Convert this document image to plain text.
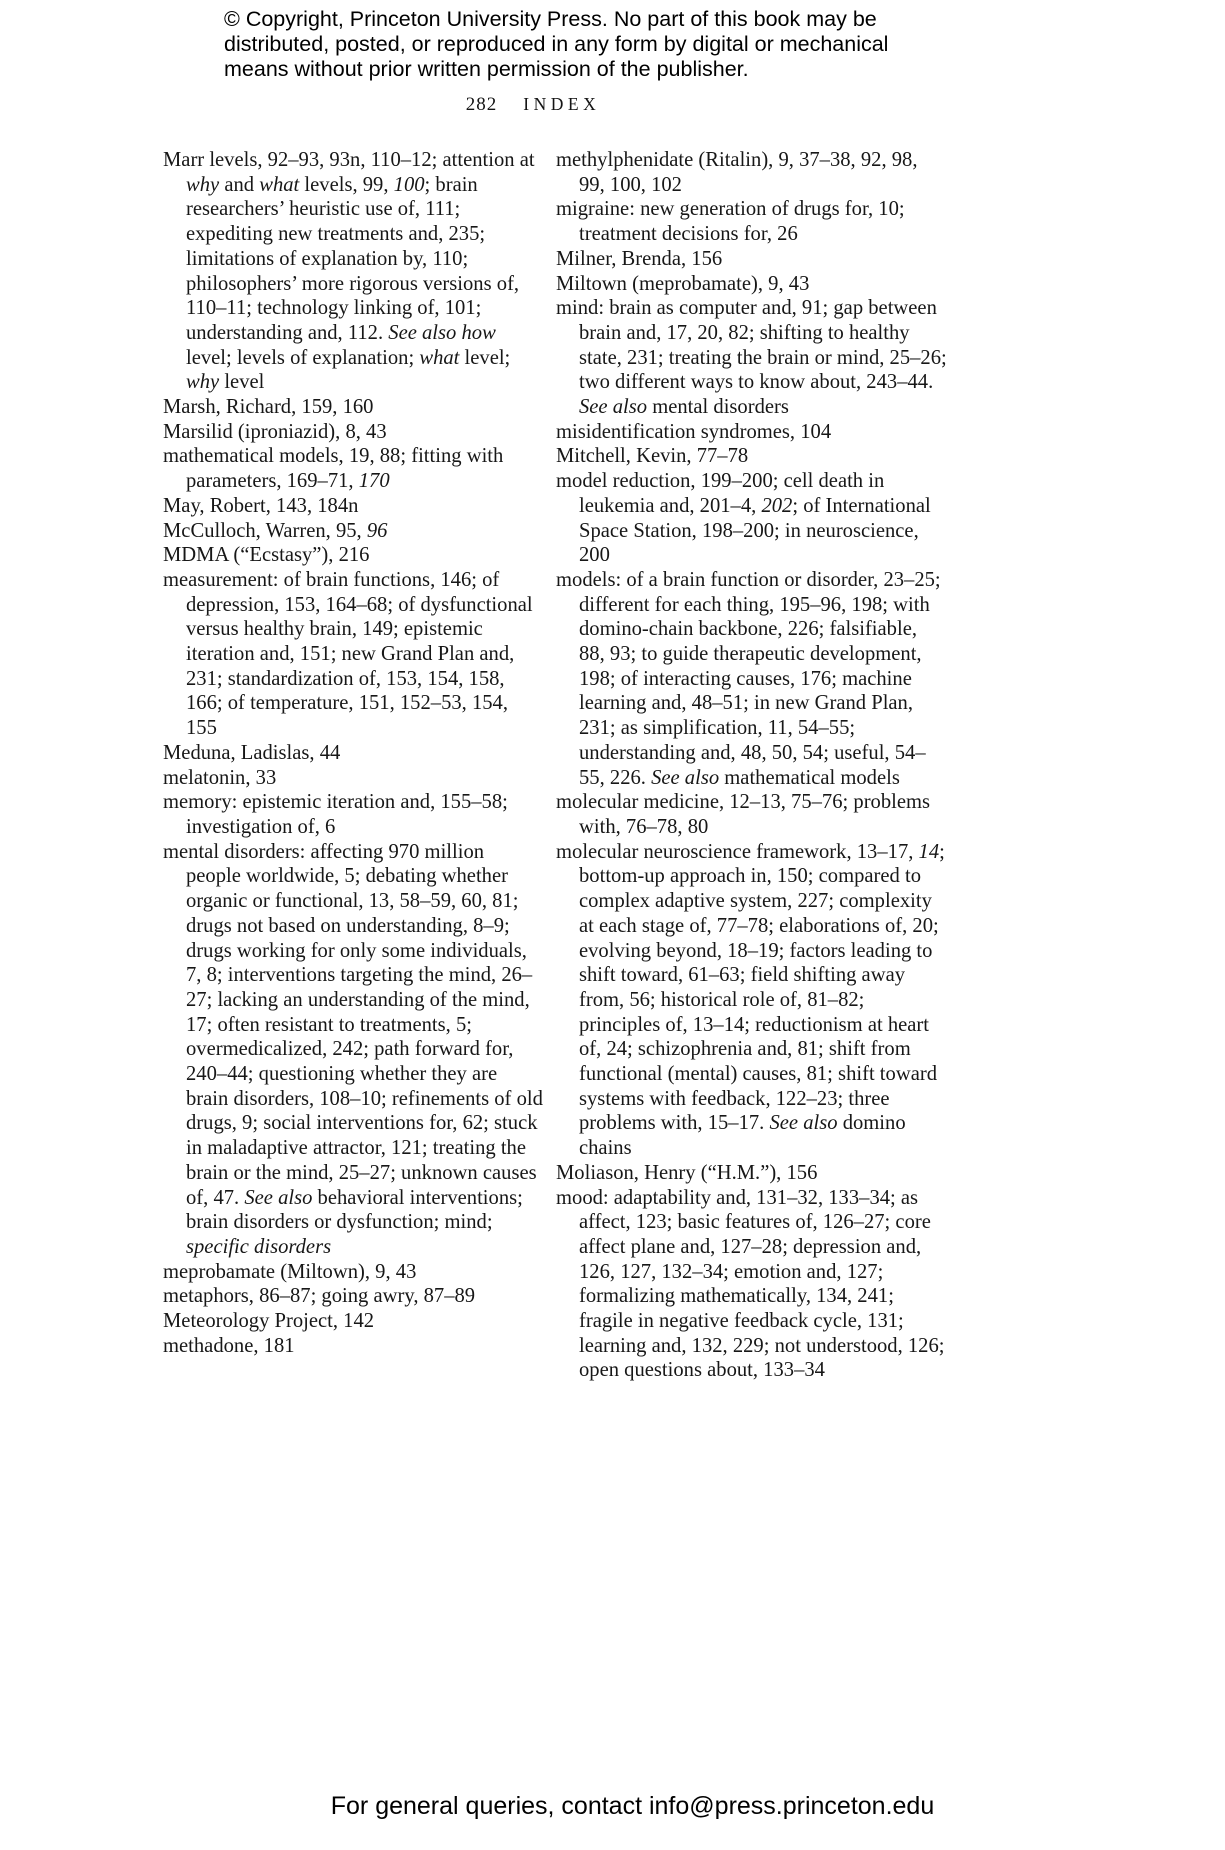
© Copyright, Princeton University Press. No part of this book may be
distributed, posted, or reproduced in any form by digital or mechanical
means without prior written permission of the publisher.
282 INDEX
Marr levels, 92–93, 93n, 110–12; attention at why and what levels, 99, 100; brain researchers’ heuristic use of, 111; expediting new treatments and, 235; limitations of explanation by, 110; philosophers’ more rigorous versions of, 110–11; technology linking of, 101; understanding and, 112. See also how level; levels of explanation; what level; why level
Marsh, Richard, 159, 160
Marsilid (iproniazid), 8, 43
mathematical models, 19, 88; fitting with parameters, 169–71, 170
May, Robert, 143, 184n
McCulloch, Warren, 95, 96
MDMA (“Ecstasy”), 216
measurement: of brain functions, 146; of depression, 153, 164–68; of dysfunctional versus healthy brain, 149; epistemic iteration and, 151; new Grand Plan and, 231; standardization of, 153, 154, 158, 166; of temperature, 151, 152–53, 154, 155
Meduna, Ladislas, 44
melatonin, 33
memory: epistemic iteration and, 155–58; investigation of, 6
mental disorders: affecting 970 million people worldwide, 5; debating whether organic or functional, 13, 58–59, 60, 81; drugs not based on understanding, 8–9; drugs working for only some individuals, 7, 8; interventions targeting the mind, 26–27; lacking an understanding of the mind, 17; often resistant to treatments, 5; overmedicalized, 242; path forward for, 240–44; questioning whether they are brain disorders, 108–10; refinements of old drugs, 9; social interventions for, 62; stuck in maladaptive attractor, 121; treating the brain or the mind, 25–27; unknown causes of, 47. See also behavioral interventions; brain disorders or dysfunction; mind; specific disorders
meprobamate (Miltown), 9, 43
metaphors, 86–87; going awry, 87–89
Meteorology Project, 142
methadone, 181
methylphenidate (Ritalin), 9, 37–38, 92, 98, 99, 100, 102
migraine: new generation of drugs for, 10; treatment decisions for, 26
Milner, Brenda, 156
Miltown (meprobamate), 9, 43
mind: brain as computer and, 91; gap between brain and, 17, 20, 82; shifting to healthy state, 231; treating the brain or mind, 25–26; two different ways to know about, 243–44. See also mental disorders
misidentification syndromes, 104
Mitchell, Kevin, 77–78
model reduction, 199–200; cell death in leukemia and, 201–4, 202; of International Space Station, 198–200; in neuroscience, 200
models: of a brain function or disorder, 23–25; different for each thing, 195–96, 198; with domino-chain backbone, 226; falsifiable, 88, 93; to guide therapeutic development, 198; of interacting causes, 176; machine learning and, 48–51; in new Grand Plan, 231; as simplification, 11, 54–55; understanding and, 48, 50, 54; useful, 54–55, 226. See also mathematical models
molecular medicine, 12–13, 75–76; problems with, 76–78, 80
molecular neuroscience framework, 13–17, 14; bottom-up approach in, 150; compared to complex adaptive system, 227; complexity at each stage of, 77–78; elaborations of, 20; evolving beyond, 18–19; factors leading to shift toward, 61–63; field shifting away from, 56; historical role of, 81–82; principles of, 13–14; reductionism at heart of, 24; schizophrenia and, 81; shift from functional (mental) causes, 81; shift toward systems with feedback, 122–23; three problems with, 15–17. See also domino chains
Moliason, Henry (“H.M.”), 156
mood: adaptability and, 131–32, 133–34; as affect, 123; basic features of, 126–27; core affect plane and, 127–28; depression and, 126, 127, 132–34; emotion and, 127; formalizing mathematically, 134, 241; fragile in negative feedback cycle, 131; learning and, 132, 229; not understood, 126; open questions about, 133–34
For general queries, contact info@press.princeton.edu
